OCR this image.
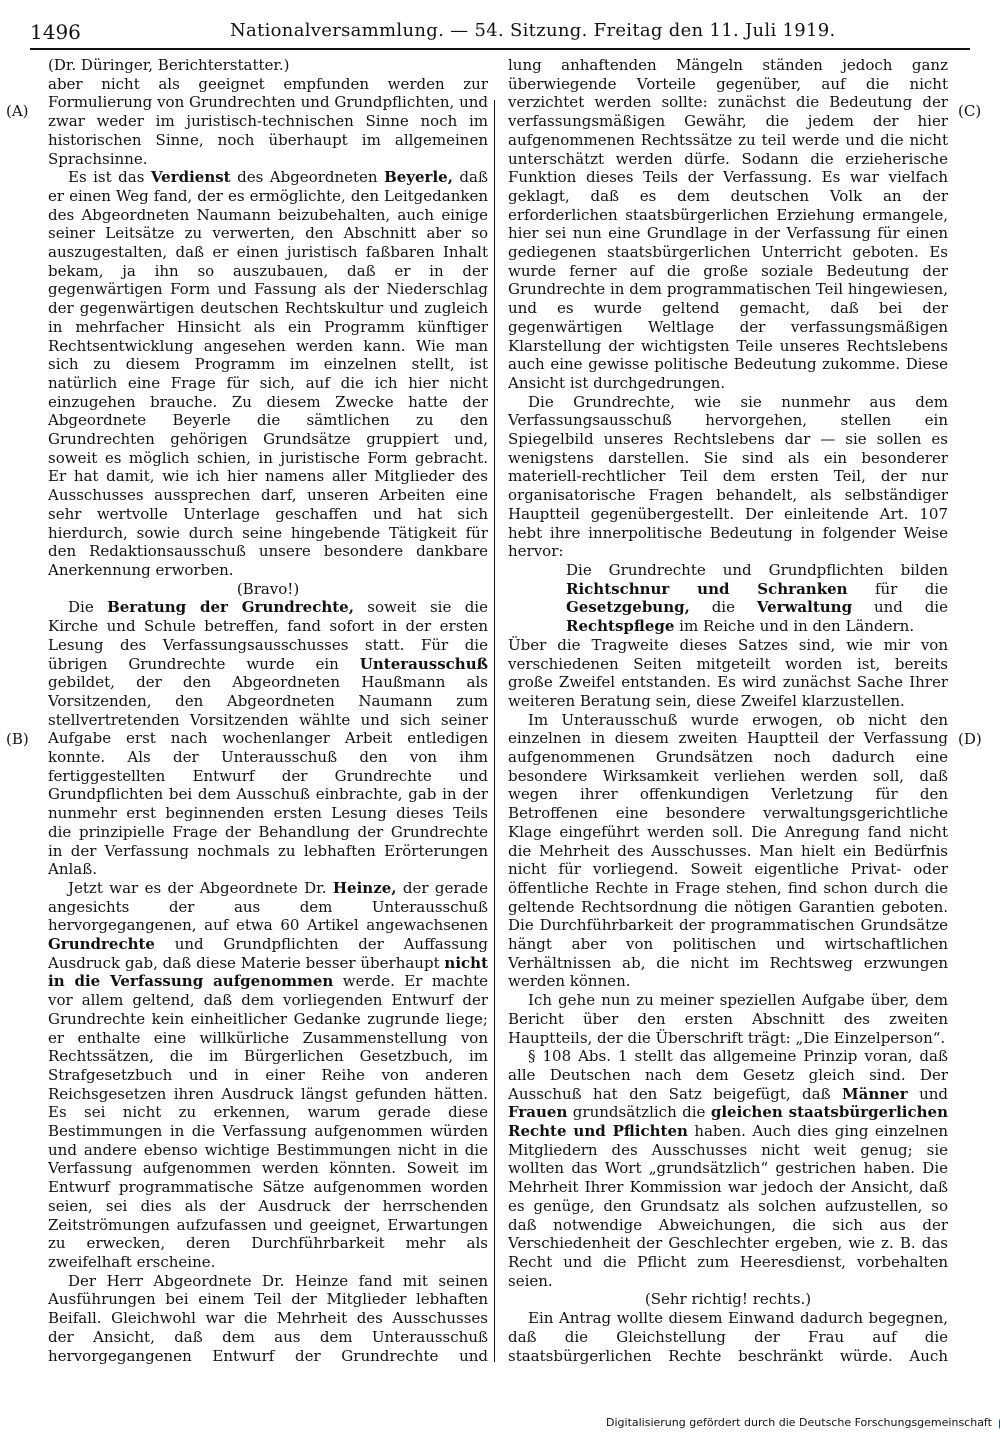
1496	Nationalversammlung. — 54. Sitzung. Freitag den 11. Juli 1919.
(A)
(B)
(C)
(D)

(Dr. Düringer, Berichterstatter.)

aber nicht als geeignet empfunden werden zur Formulierung von Grundrechten und Grundpflichten, und zwar weder im juristisch-technischen Sinne noch im historischen Sinne, noch überhaupt im allgemeinen Sprachsinne.

Es ist das Verdienst des Abgeordneten Beyerle, daß er einen Weg fand, der es ermöglichte, den Leitgedanken des Abgeordneten Naumann beizubehalten, auch einige seiner Leitsätze zu verwerten, den Abschnitt aber so auszugestalten, daß er einen juristisch faßbaren Inhalt bekam, ja ihn so auszubauen, daß er in der gegenwärtigen Form und Fassung als der Niederschlag der gegenwärtigen deutschen Rechtskultur und zugleich in mehrfacher Hinsicht als ein Programm künftiger Rechtsentwicklung angesehen werden kann. Wie man sich zu diesem Programm im einzelnen stellt, ist natürlich eine Frage für sich, auf die ich hier nicht einzugehen brauche. Zu diesem Zwecke hatte der Abgeordnete Beyerle die sämtlichen zu den Grundrechten gehörigen Grundsätze gruppiert und, soweit es möglich schien, in juristische Form gebracht. Er hat damit, wie ich hier namens aller Mitglieder des Ausschusses aussprechen darf, unseren Arbeiten eine sehr wertvolle Unterlage geschaffen und hat sich hierdurch, sowie durch seine hingebende Tätigkeit für den Redaktionsausschuß unsere besondere dankbare Anerkennung erworben.

(Bravo!)

Die Beratung der Grundrechte, soweit sie die Kirche und Schule betreffen, fand sofort in der ersten Lesung des Verfassungsausschusses statt. Für die übrigen Grundrechte wurde ein Unterausschuß gebildet, der den Abgeordneten Haußmann als Vorsitzenden, den Abgeordneten Naumann zum stellvertretenden Vorsitzenden wählte und sich seiner Aufgabe erst nach wochenlanger Arbeit entledigen konnte. Als der Unterausschuß den von ihm fertiggestellten Entwurf der Grundrechte und Grundpflichten bei dem Ausschuß einbrachte, gab in der nunmehr erst beginnenden ersten Lesung dieses Teils die prinzipielle Frage der Behandlung der Grundrechte in der Verfassung nochmals zu lebhaften Erörterungen Anlaß.

Jetzt war es der Abgeordnete Dr. Heinze, der gerade angesichts der aus dem Unterausschuß hervorgegangenen, auf etwa 60 Artikel angewachsenen Grundrechte und Grundpflichten der Auffassung Ausdruck gab, daß diese Materie besser überhaupt nicht in die Verfassung aufgenommen werde. Er machte vor allem geltend, daß dem vorliegenden Entwurf der Grundrechte kein einheitlicher Gedanke zugrunde liege; er enthalte eine willkürliche Zusammenstellung von Rechtssätzen, die im Bürgerlichen Gesetzbuch, im Strafgesetzbuch und in einer Reihe von anderen Reichsgesetzen ihren Ausdruck längst gefunden hätten. Es sei nicht zu erkennen, warum gerade diese Bestimmungen in die Verfassung aufgenommen würden und andere ebenso wichtige Bestimmungen nicht in die Verfassung aufgenommen werden könnten. Soweit im Entwurf programmatische Sätze aufgenommen worden seien, sei dies als der Ausdruck der herrschenden Zeitströmungen aufzufassen und geeignet, Erwartungen zu erwecken, deren Durchführbarkeit mehr als zweifelhaft erscheine.

Der Herr Abgeordnete Dr. Heinze fand mit seinen Ausführungen bei einem Teil der Mitglieder lebhaften Beifall. Gleichwohl war die Mehrheit des Ausschusses der Ansicht, daß dem aus dem Unterausschuß hervorgegangenen Entwurf der Grundrechte und

lung anhaftenden Mängeln ständen jedoch ganz überwiegende Vorteile gegenüber, auf die nicht verzichtet werden sollte: zunächst die Bedeutung der verfassungsmäßigen Gewähr, die jedem der hier aufgenommenen Rechtssätze zu teil werde und die nicht unterschätzt werden dürfe. Sodann die erzieherische Funktion dieses Teils der Verfassung. Es war vielfach geklagt, daß es dem deutschen Volk an der erforderlichen staatsbürgerlichen Erziehung ermangele, hier sei nun eine Grundlage in der Verfassung für einen gediegenen staatsbürgerlichen Unterricht geboten. Es wurde ferner auf die große soziale Bedeutung der Grundrechte in dem programmatischen Teil hingewiesen, und es wurde geltend gemacht, daß bei der gegenwärtigen Weltlage der verfassungsmäßigen Klarstellung der wichtigsten Teile unseres Rechtslebens auch eine gewisse politische Bedeutung zukomme. Diese Ansicht ist durchgedrungen.

Die Grundrechte, wie sie nunmehr aus dem Verfassungsausschuß hervorgehen, stellen ein Spiegelbild unseres Rechtslebens dar — sie sollen es wenigstens darstellen. Sie sind als ein besonderer materiell-rechtlicher Teil dem ersten Teil, der nur organisatorische Fragen behandelt, als selbständiger Hauptteil gegenübergestellt. Der einleitende Art. 107 hebt ihre innerpolitische Bedeutung in folgender Weise hervor:

Die Grundrechte und Grundpflichten bilden Richtschnur und Schranken für die Gesetzgebung, die Verwaltung und die Rechtspflege im Reiche und in den Ländern.

Über die Tragweite dieses Satzes sind, wie mir von verschiedenen Seiten mitgeteilt worden ist, bereits große Zweifel entstanden. Es wird zunächst Sache Ihrer weiteren Beratung sein, diese Zweifel klarzustellen.

Im Unterausschuß wurde erwogen, ob nicht den einzelnen in diesem zweiten Hauptteil der Verfassung aufgenommenen Grundsätzen noch dadurch eine besondere Wirksamkeit verliehen werden soll, daß wegen ihrer offenkundigen Verletzung für den Betroffenen eine besondere verwaltungsgerichtliche Klage eingeführt werden soll. Die Anregung fand nicht die Mehrheit des Ausschusses. Man hielt ein Bedürfnis nicht für vorliegend. Soweit eigentliche Privat- oder öffentliche Rechte in Frage stehen, find schon durch die geltende Rechtsordnung die nötigen Garantien geboten. Die Durchführbarkeit der programmatischen Grundsätze hängt aber von politischen und wirtschaftlichen Verhältnissen ab, die nicht im Rechtsweg erzwungen werden können.

Ich gehe nun zu meiner speziellen Aufgabe über, dem Bericht über den ersten Abschnitt des zweiten Hauptteils, der die Überschrift trägt: „Die Einzelperson“.

§ 108 Abs. 1 stellt das allgemeine Prinzip voran, daß alle Deutschen nach dem Gesetz gleich sind. Der Ausschuß hat den Satz beigefügt, daß Männer und Frauen grundsätzlich die gleichen staatsbürgerlichen Rechte und Pflichten haben. Auch dies ging einzelnen Mitgliedern des Ausschusses nicht weit genug; sie wollten das Wort „grundsätzlich“ gestrichen haben. Die Mehrheit Ihrer Kommission war jedoch der Ansicht, daß es genüge, den Grundsatz als solchen aufzustellen, so daß notwendige Abweichungen, die sich aus der Verschiedenheit der Geschlechter ergeben, wie z. B. das Recht und die Pflicht zum Heeresdienst, vorbehalten seien.

(Sehr richtig! rechts.)

Ein Antrag wollte diesem Einwand dadurch begegnen, daß die Gleichstellung der Frau auf die staatsbürgerlichen Rechte beschränkt würde. Auch

Digitalisierung gefördert durch die Deutsche Forschungsgemeinschaft
